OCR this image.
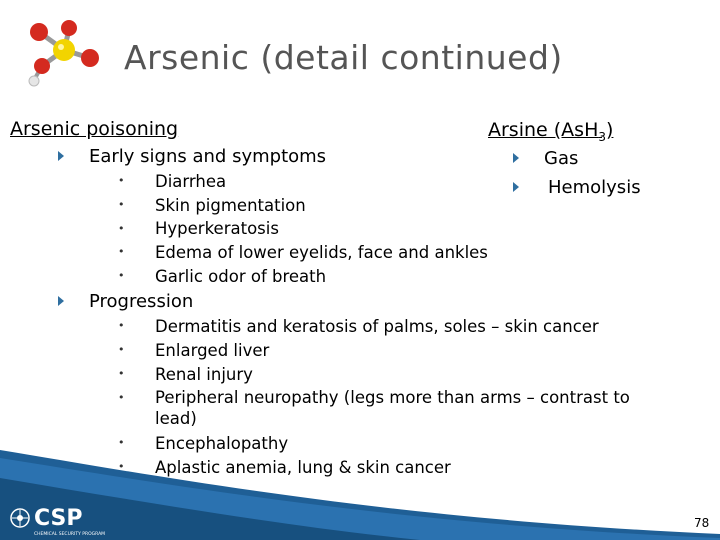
Arsenic (detail continued)
Arsenic poisoning
Early signs and symptoms
• Diarrhea
• Skin pigmentation
• Hyperkeratosis
• Edema of lower eyelids, face and ankles
• Garlic odor of breath
Progression
• Dermatitis and keratosis of palms, soles – skin cancer
• Enlarged liver
• Renal injury
• Peripheral neuropathy (legs more than arms – contrast to
lead)
• Encephalopathy
• Aplastic anemia, lung & skin cancer
Arsine (AsH$_3$)
Gas
Hemolysis
CSP
CHEMICAL SECURITY PROGRAM
78
